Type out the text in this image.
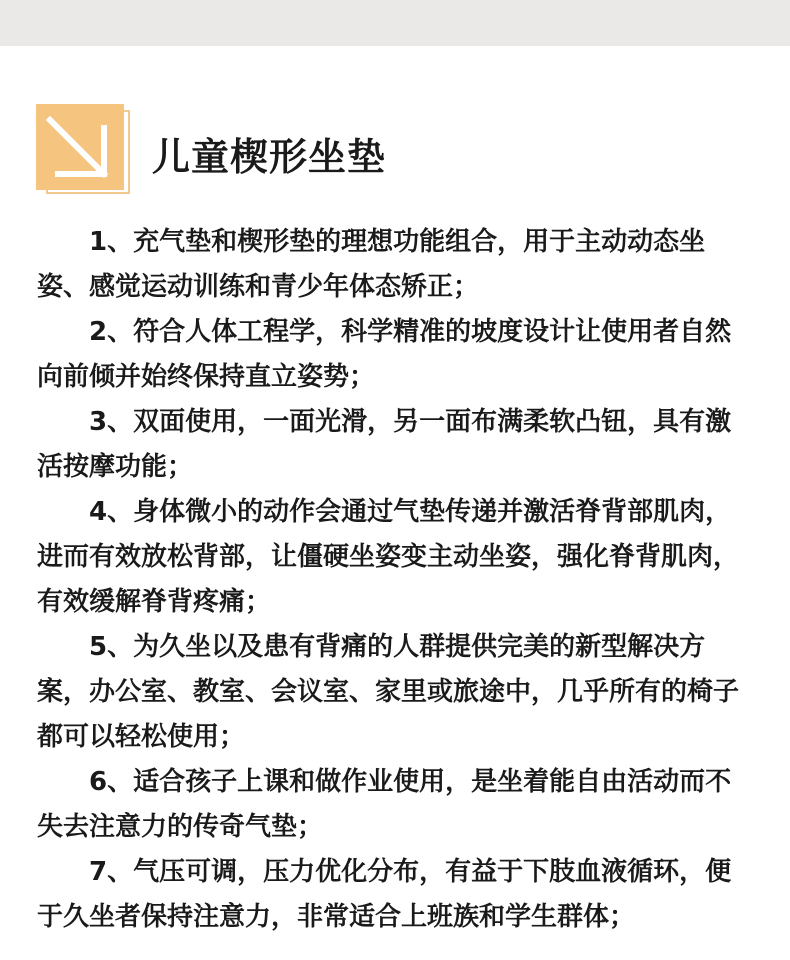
儿童楔形坐垫

1、充气垫和楔形垫的理想功能组合，用于主动动态坐姿、感觉运动训练和青少年体态矫正；

2、符合人体工程学，科学精准的坡度设计让使用者自然向前倾并始终保持直立姿势；

3、双面使用，一面光滑，另一面布满柔软凸钮，具有激活按摩功能；

4、身体微小的动作会通过气垫传递并激活脊背部肌肉，进而有效放松背部，让僵硬坐姿变主动坐姿，强化脊背肌肉，有效缓解脊背疼痛；

5、为久坐以及患有背痛的人群提供完美的新型解决方案，办公室、教室、会议室、家里或旅途中，几乎所有的椅子都可以轻松使用；

6、适合孩子上课和做作业使用，是坐着能自由活动而不失去注意力的传奇气垫；

7、气压可调，压力优化分布，有益于下肢血液循环，便于久坐者保持注意力，非常适合上班族和学生群体；
